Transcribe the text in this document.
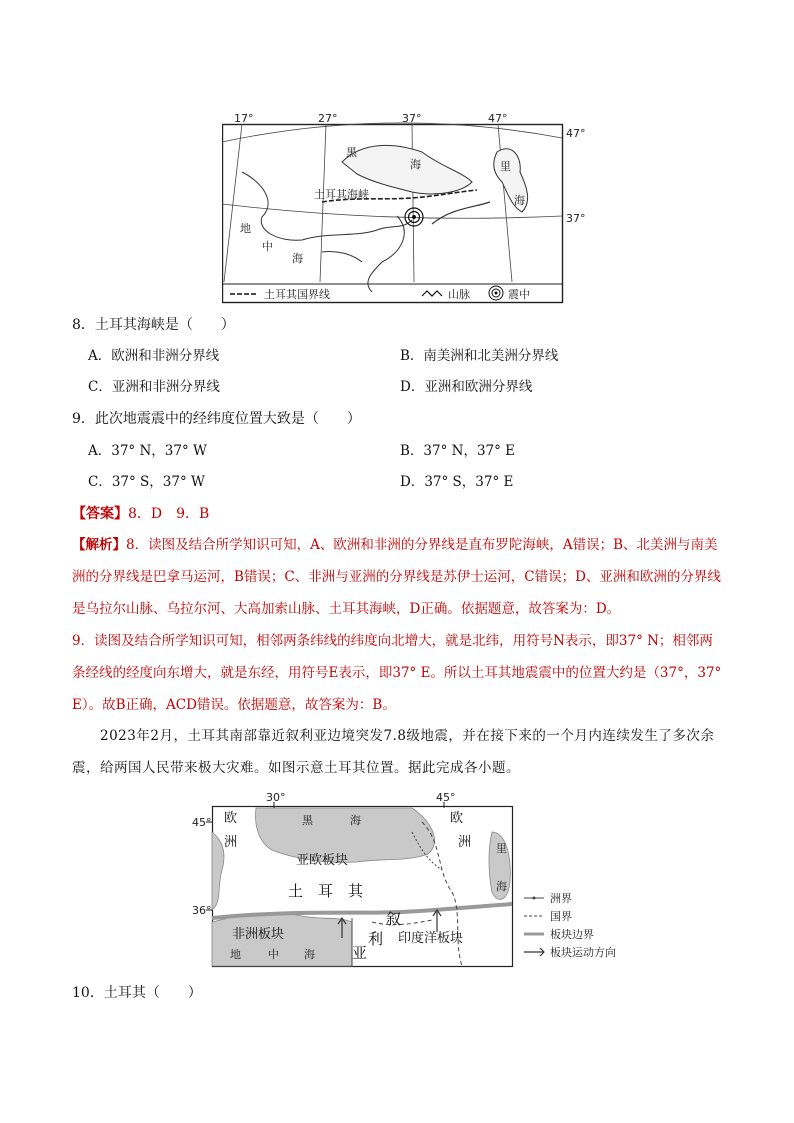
17°	27°	37°	47°
47°
37°
黑
海	里
海
地
中
海
土耳其海峡
土耳其国界线	山脉	震中
8．土耳其海峡是（　　）
A．欧洲和非洲分界线	B．南美洲和北美洲分界线
C．亚洲和非洲分界线	D．亚洲和欧洲分界线
9．此次地震震中的经纬度位置大致是（　　）
A．37° N，37° W	B．37° N，37° E
C．37° S，37° W	D．37° S，37° E
【答案】8．D　9．B

【解析】8．读图及结合所学知识可知，A、欧洲和非洲的分界线是直布罗陀海峡，A错误；B、北美洲与南美洲的分界线是巴拿马运河，B错误；C、非洲与亚洲的分界线是苏伊士运河，C错误；D、亚洲和欧洲的分界线是乌拉尔山脉、乌拉尔河、大高加索山脉、土耳其海峡，D正确。依据题意，故答案为：D。

9．读图及结合所学知识可知，相邻两条纬线的纬度向北增大，就是北纬，用符号N表示，即37° N；相邻两条经线的经度向东增大，就是东经，用符号E表示，即37° E。所以土耳其地震震中的位置大约是（37°，37° E）。故B正确，ACD错误。依据题意，故答案为：B。

2023年2月，土耳其南部靠近叙利亚边境突发7.8级地震，并在接下来的一个月内连续发生了多次余震，给两国人民带来极大灾难。如图示意土耳其位置。据此完成各小题。
30°	45°
45°
36°
欧
洲
欧
洲
黑	海
里
海
亚欧板块
土　耳　其
非洲板块
地 中 海
叙
利
亚
印度洋板块
洲界
国界
板块边界
板块运动方向
10．土耳其（　　）
